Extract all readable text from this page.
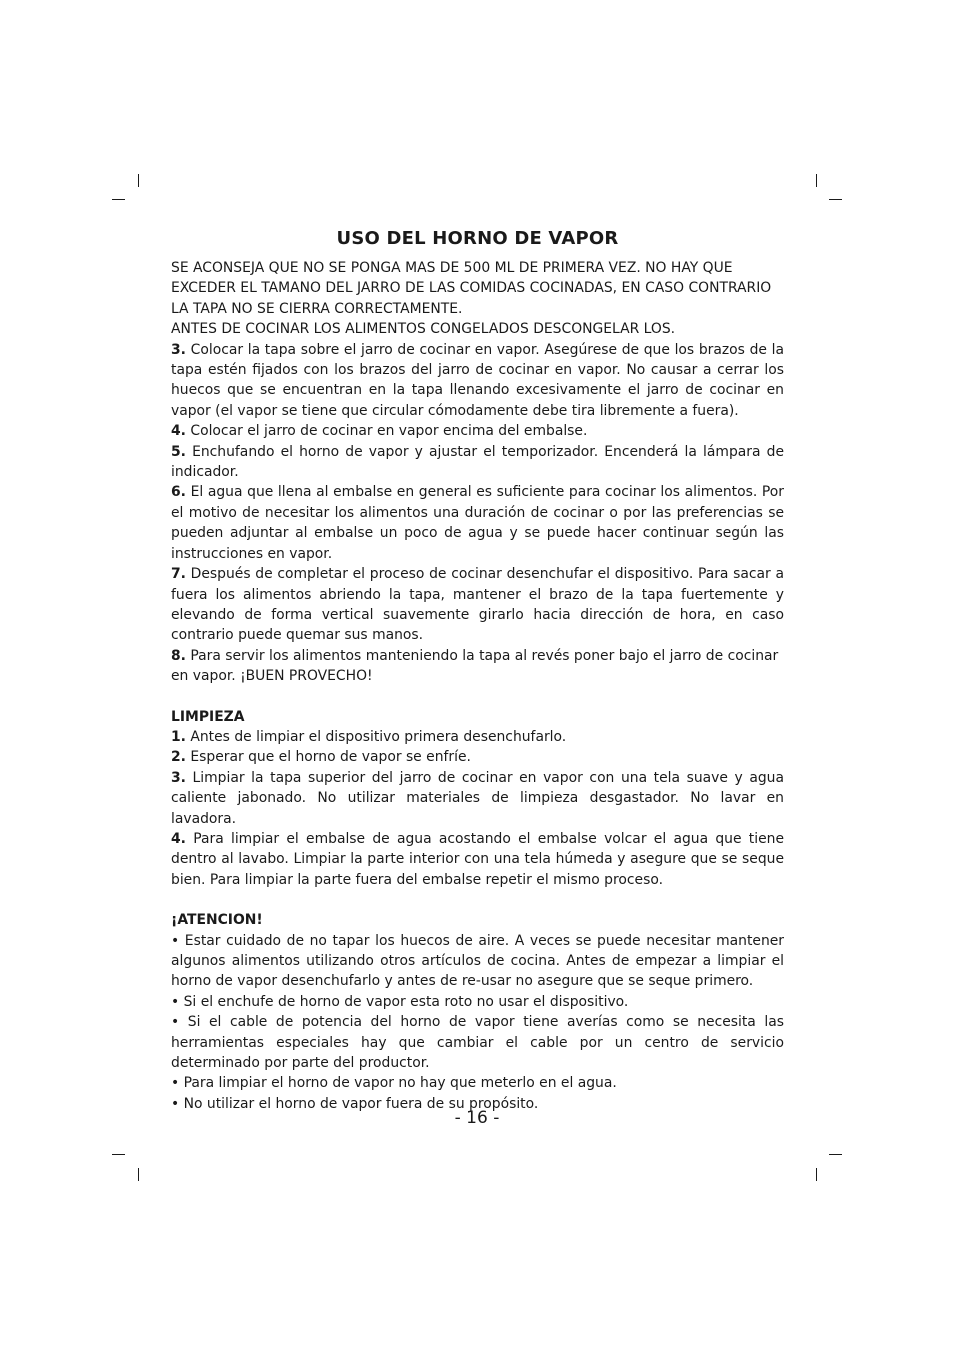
USO DEL HORNO DE VAPOR

SE ACONSEJA QUE NO SE PONGA MAS DE 500 ML DE PRIMERA VEZ. NO HAY QUE EXCEDER EL TAMANO DEL JARRO DE LAS COMIDAS COCINADAS, EN CASO CONTRARIO LA TAPA NO SE CIERRA CORRECTAMENTE.

ANTES DE COCINAR LOS ALIMENTOS CONGELADOS DESCONGELAR LOS.

3. Colocar la tapa sobre el jarro de cocinar en vapor. Asegúrese de que los brazos de la tapa estén fijados con los brazos del jarro de cocinar en vapor. No causar a cerrar los huecos que se encuentran en la tapa llenando excesivamente el jarro de cocinar en vapor (el vapor se tiene que circular cómodamente debe tira libremente a fuera).

4. Colocar el jarro de cocinar en vapor encima del embalse.

5. Enchufando el horno de vapor y ajustar el temporizador. Encenderá la lámpara de indicador.

6. El agua que llena al embalse en general es suficiente para cocinar los alimentos. Por el motivo de necesitar los alimentos una duración de cocinar o por las preferencias se pueden adjuntar al embalse un poco de agua y se puede hacer continuar según las instrucciones en vapor.

7. Después de completar el proceso de cocinar desenchufar el dispositivo. Para sacar a fuera los alimentos abriendo la tapa, mantener el brazo de la tapa fuertemente y elevando de forma vertical suavemente girarlo hacia dirección de hora, en caso contrario puede quemar sus manos.

8. Para servir los alimentos manteniendo la tapa al revés poner bajo el jarro de cocinar en vapor. ¡BUEN PROVECHO!

LIMPIEZA

1. Antes de limpiar el dispositivo primera desenchufarlo.

2. Esperar que el horno de vapor se enfríe.

3. Limpiar la tapa superior del jarro de cocinar en vapor con una tela suave y agua caliente jabonado. No utilizar materiales de limpieza desgastador. No lavar en lavadora.

4. Para limpiar el embalse de agua acostando el embalse volcar el agua que tiene dentro al lavabo. Limpiar la parte interior con una tela húmeda y asegure que se seque bien. Para limpiar la parte fuera del embalse repetir el mismo proceso.

¡ATENCION!

• Estar cuidado de no tapar los huecos de aire. A veces se puede necesitar mantener algunos alimentos utilizando otros artículos de cocina. Antes de empezar a limpiar el horno de vapor desenchufarlo y antes de re-usar no asegure que se seque primero.

• Si el enchufe de horno de vapor esta roto no usar el dispositivo.

• Si el cable de potencia del horno de vapor tiene averías como se necesita las herramientas especiales hay que cambiar el cable por un centro de servicio determinado por parte del productor.

• Para limpiar el horno de vapor no hay que meterlo en el agua.

• No utilizar el horno de vapor fuera de su propósito.

- 16 -
